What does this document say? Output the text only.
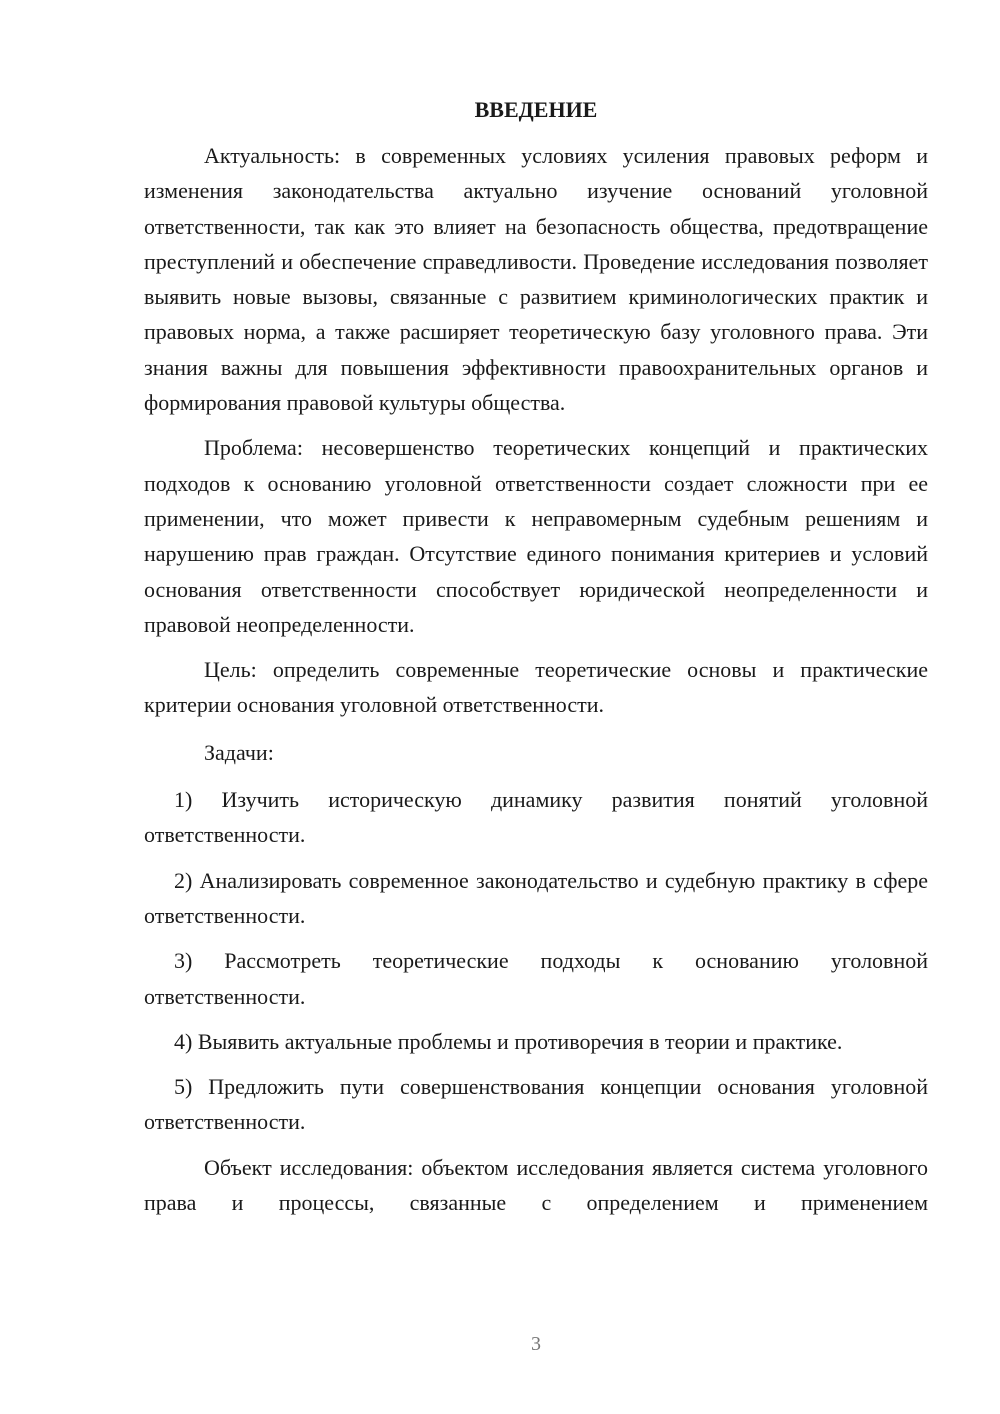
ВВЕДЕНИЕ

Актуальность: в современных условиях усиления правовых реформ и изменения законодательства актуально изучение оснований уголовной ответственности, так как это влияет на безопасность общества, предотвращение преступлений и обеспечение справедливости. Проведение исследования позволяет выявить новые вызовы, связанные с развитием криминологических практик и правовых норма, а также расширяет теоретическую базу уголовного права. Эти знания важны для повышения эффективности правоохранительных органов и формирования правовой культуры общества.

Проблема: несовершенство теоретических концепций и практических подходов к основанию уголовной ответственности создает сложности при ее применении, что может привести к неправомерным судебным решениям и нарушению прав граждан. Отсутствие единого понимания критериев и условий основания ответственности способствует юридической неопределенности и правовой неопределенности.

Цель: определить современные теоретические основы и практические критерии основания уголовной ответственности.

Задачи:

1) Изучить историческую динамику развития понятий уголовной ответственности.

2) Анализировать современное законодательство и судебную практику в сфере ответственности.

3) Рассмотреть теоретические подходы к основанию уголовной ответственности.

4) Выявить актуальные проблемы и противоречия в теории и практике.

5) Предложить пути совершенствования концепции основания уголовной ответственности.

Объект исследования: объектом исследования является система уголовного права и процессы, связанные с определением и применением

3
